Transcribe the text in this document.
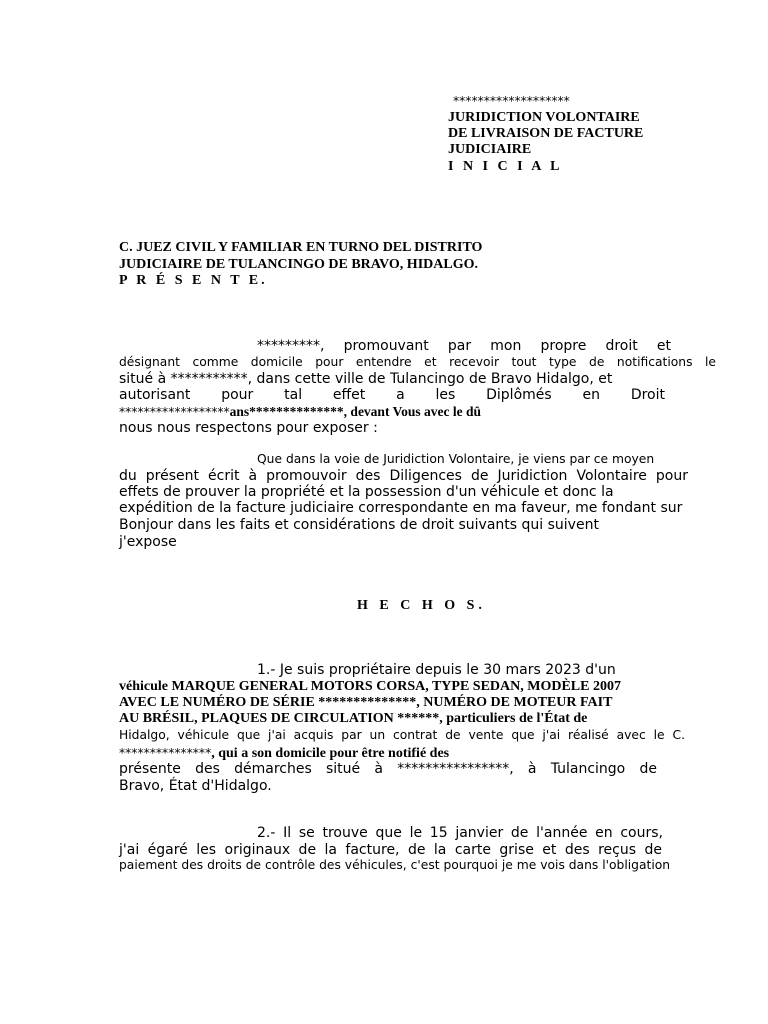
*******************
JURIDICTION VOLONTAIRE
DE LIVRAISON DE FACTURE
JUDICIAIRE
I N I C I A L
C. JUEZ CIVIL Y FAMILIAR EN TURNO DEL DISTRITO
JUDICIAIRE DE TULANCINGO DE BRAVO, HIDALGO.
P R É S E N T E.
*********, promouvant par mon propre droit et
désignant comme domicile pour entendre et recevoir tout type de notifications le
situé à ***********, dans cette ville de Tulancingo de Bravo Hidalgo, et
autorisant pour tal effet a les Diplômés en Droit
******************ans**************, devant Vous avec le dû
nous nous respectons pour exposer :
Que dans la voie de Juridiction Volontaire, je viens par ce moyen
du présent écrit à promouvoir des Diligences de Juridiction Volontaire pour
effets de prouver la propriété et la possession d'un véhicule et donc la
expédition de la facture judiciaire correspondante en ma faveur, me fondant sur
Bonjour dans les faits et considérations de droit suivants qui suivent
j'expose
H E C H O S.
1.- Je suis propriétaire depuis le 30 mars 2023 d'un
véhicule MARQUE GENERAL MOTORS CORSA, TYPE SEDAN, MODÈLE 2007
AVEC LE NUMÉRO DE SÉRIE **************, NUMÉRO DE MOTEUR FAIT
AU BRÉSIL, PLAQUES DE CIRCULATION ******, particuliers de l'État de
Hidalgo, véhicule que j'ai acquis par un contrat de vente que j'ai réalisé avec le C.
***************, qui a son domicile pour être notifié des
présente des démarches situé à ****************, à Tulancingo de
Bravo, État d'Hidalgo.
2.- Il se trouve que le 15 janvier de l'année en cours,
j'ai égaré les originaux de la facture, de la carte grise et des reçus de
paiement des droits de contrôle des véhicules, c'est pourquoi je me vois dans l'obligation
